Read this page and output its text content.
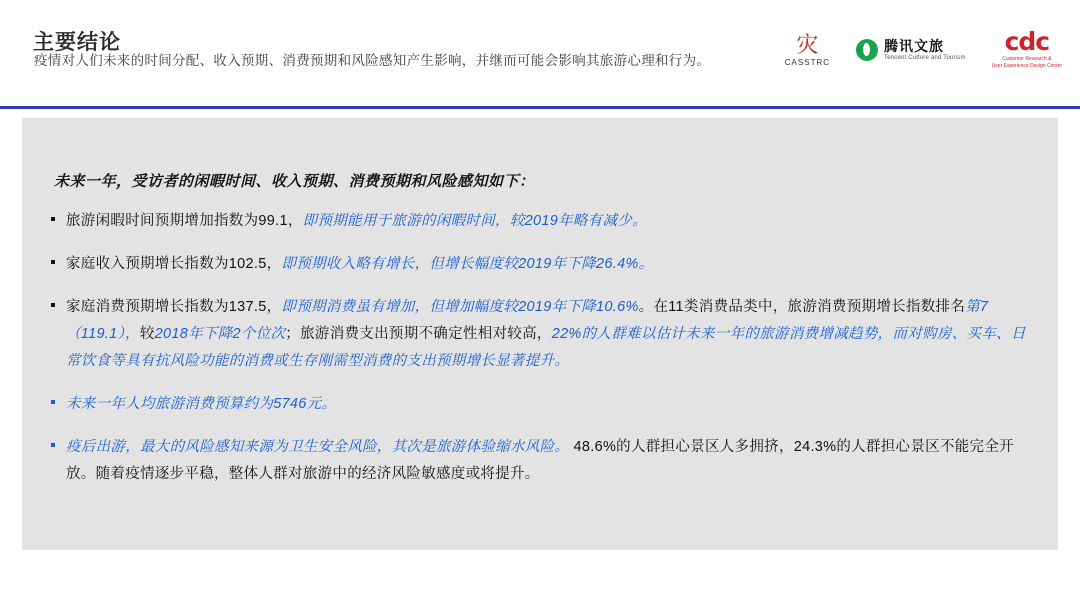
主要结论
疫情对人们未来的时间分配、收入预期、消费预期和风险感知产生影响，并继而可能会影响其旅游心理和行为。
灾
CASSTRC
腾讯文旅
Tencent Culture and Tourism
cdc
Customer Research &
User Experience Design Center
未来一年，受访者的闲暇时间、收入预期、消费预期和风险感知如下：
旅游闲暇时间预期增加指数为99.1，即预期能用于旅游的闲暇时间，较2019年略有减少。
家庭收入预期增长指数为102.5，即预期收入略有增长，但增长幅度较2019年下降26.4%。
家庭消费预期增长指数为137.5，即预期消费虽有增加，但增加幅度较2019年下降10.6%。在11类消费品类中，旅游消费预期增长指数排名第7（119.1），较2018年下降2个位次；旅游消费支出预期不确定性相对较高，22%的人群难以估计未来一年的旅游消费增减趋势，而对购房、买车、日常饮食等具有抗风险功能的消费或生存刚需型消费的支出预期增长显著提升。
未来一年人均旅游消费预算约为5746元。
疫后出游，最大的风险感知来源为卫生安全风险，其次是旅游体验缩水风险。 48.6%的人群担心景区人多拥挤，24.3%的人群担心景区不能完全开放。随着疫情逐步平稳，整体人群对旅游中的经济风险敏感度或将提升。
